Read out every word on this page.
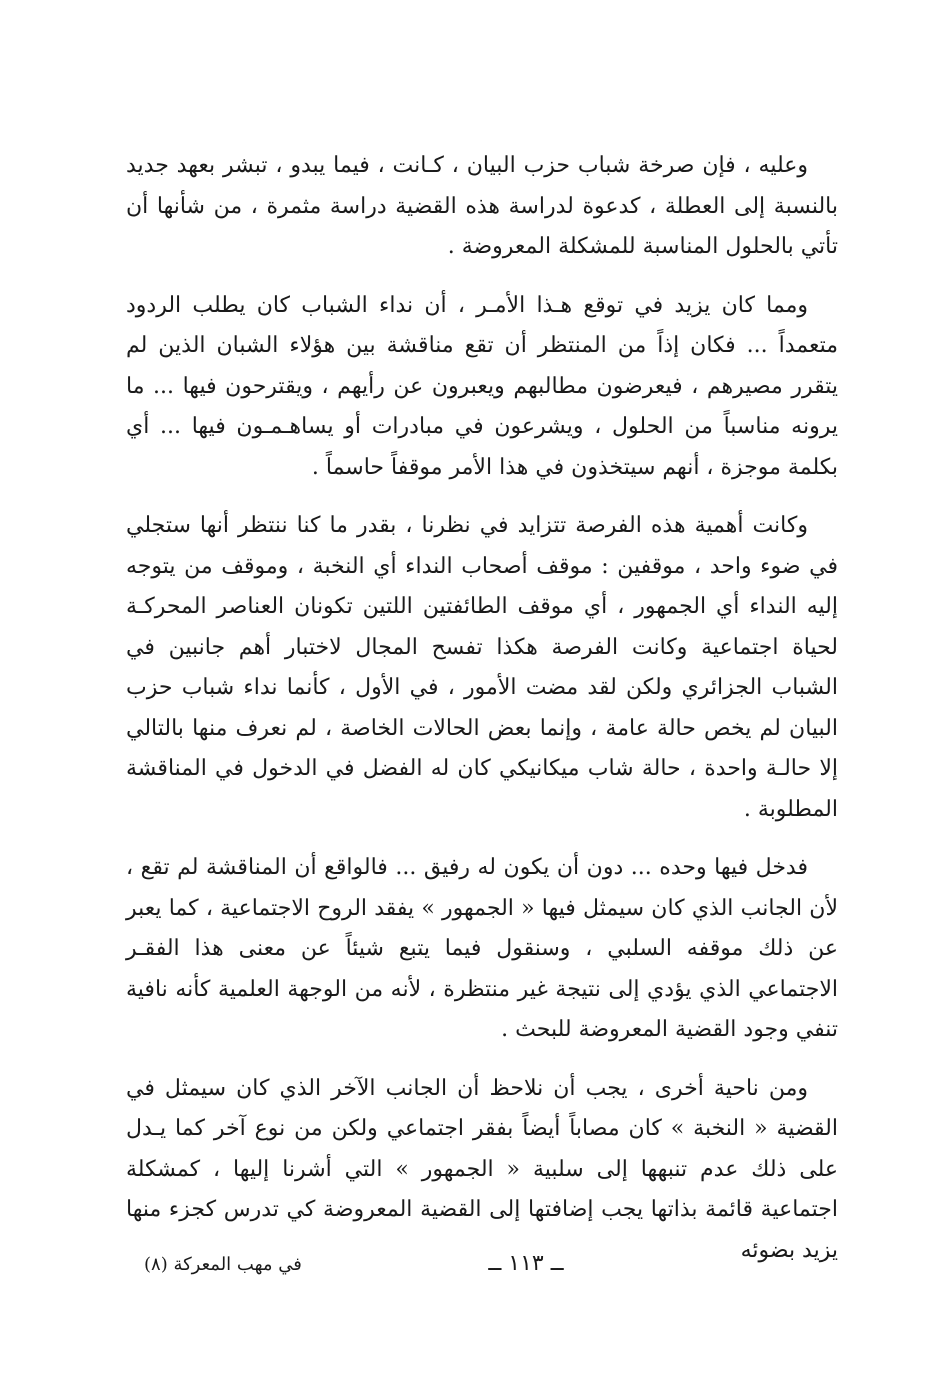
وعليه ، فإن صرخة شباب حزب البيان ، كـانت ، فيما يبدو ، تبشر بعهد جديد بالنسبة إلى العطلة ، كدعوة لدراسة هذه القضية دراسة مثمرة ، من شأنها أن تأتي بالحلول المناسبة للمشكلة المعروضة .

ومما كان يزيد في توقع هـذا الأمـر ، أن نداء الشباب كان يطلب الردود متعمداً ... فكان إذاً من المنتظر أن تقع مناقشة بين هؤلاء الشبان الذين لم يتقرر مصيرهم ، فيعرضون مطالبهم ويعبرون عن رأيهم ، ويقترحون فيها ... ما يرونه مناسباً من الحلول ، ويشرعون في مبادرات أو يساهـمـون فيها ... أي بكلمة موجزة ، أنهم سيتخذون في هذا الأمر موقفاً حاسماً .

وكانت أهمية هذه الفرصة تتزايد في نظرنا ، بقدر ما كنا ننتظر أنها ستجلي في ضوء واحد ، موقفين : موقف أصحاب النداء أي النخبة ، وموقف من يتوجه إليه النداء أي الجمهور ، أي موقف الطائفتين اللتين تكونان العناصر المحركـة لحياة اجتماعية وكانت الفرصة هكذا تفسح المجال لاختبار أهم جانبين في الشباب الجزائري ولكن لقد مضت الأمور ، في الأول ، كأنما نداء شباب حزب البيان لم يخص حالة عامة ، وإنما بعض الحالات الخاصة ، لم نعرف منها بالتالي إلا حالـة واحدة ، حالة شاب ميكانيكي كان له الفضل في الدخول في المناقشة المطلوبة .

فدخل فيها وحده ... دون أن يكون له رفيق ... فالواقع أن المناقشة لم تقع ، لأن الجانب الذي كان سيمثل فيها « الجمهور » يفقد الروح الاجتماعية ، كما يعبر عن ذلك موقفه السلبي ، وسنقول فيما يتبع شيئاً عن معنى هذا الفقـر الاجتماعي الذي يؤدي إلى نتيجة غير منتظرة ، لأنه من الوجهة العلمية كأنه نافية تنفي وجود القضية المعروضة للبحث .

ومن ناحية أخرى ، يجب أن نلاحظ أن الجانب الآخر الذي كان سيمثل في القضية « النخبة » كان مصاباً أيضاً بفقر اجتماعي ولكن من نوع آخر كما يـدل على ذلك عدم تنبهها إلى سلبية « الجمهور » التي أشرنا إليها ، كمشكلة اجتماعية قائمة بذاتها يجب إضافتها إلى القضية المعروضة كي تدرس كجزء منها يزيد بضوئه

ــ ١١٣ ــ
في مهب المعركة (٨)
